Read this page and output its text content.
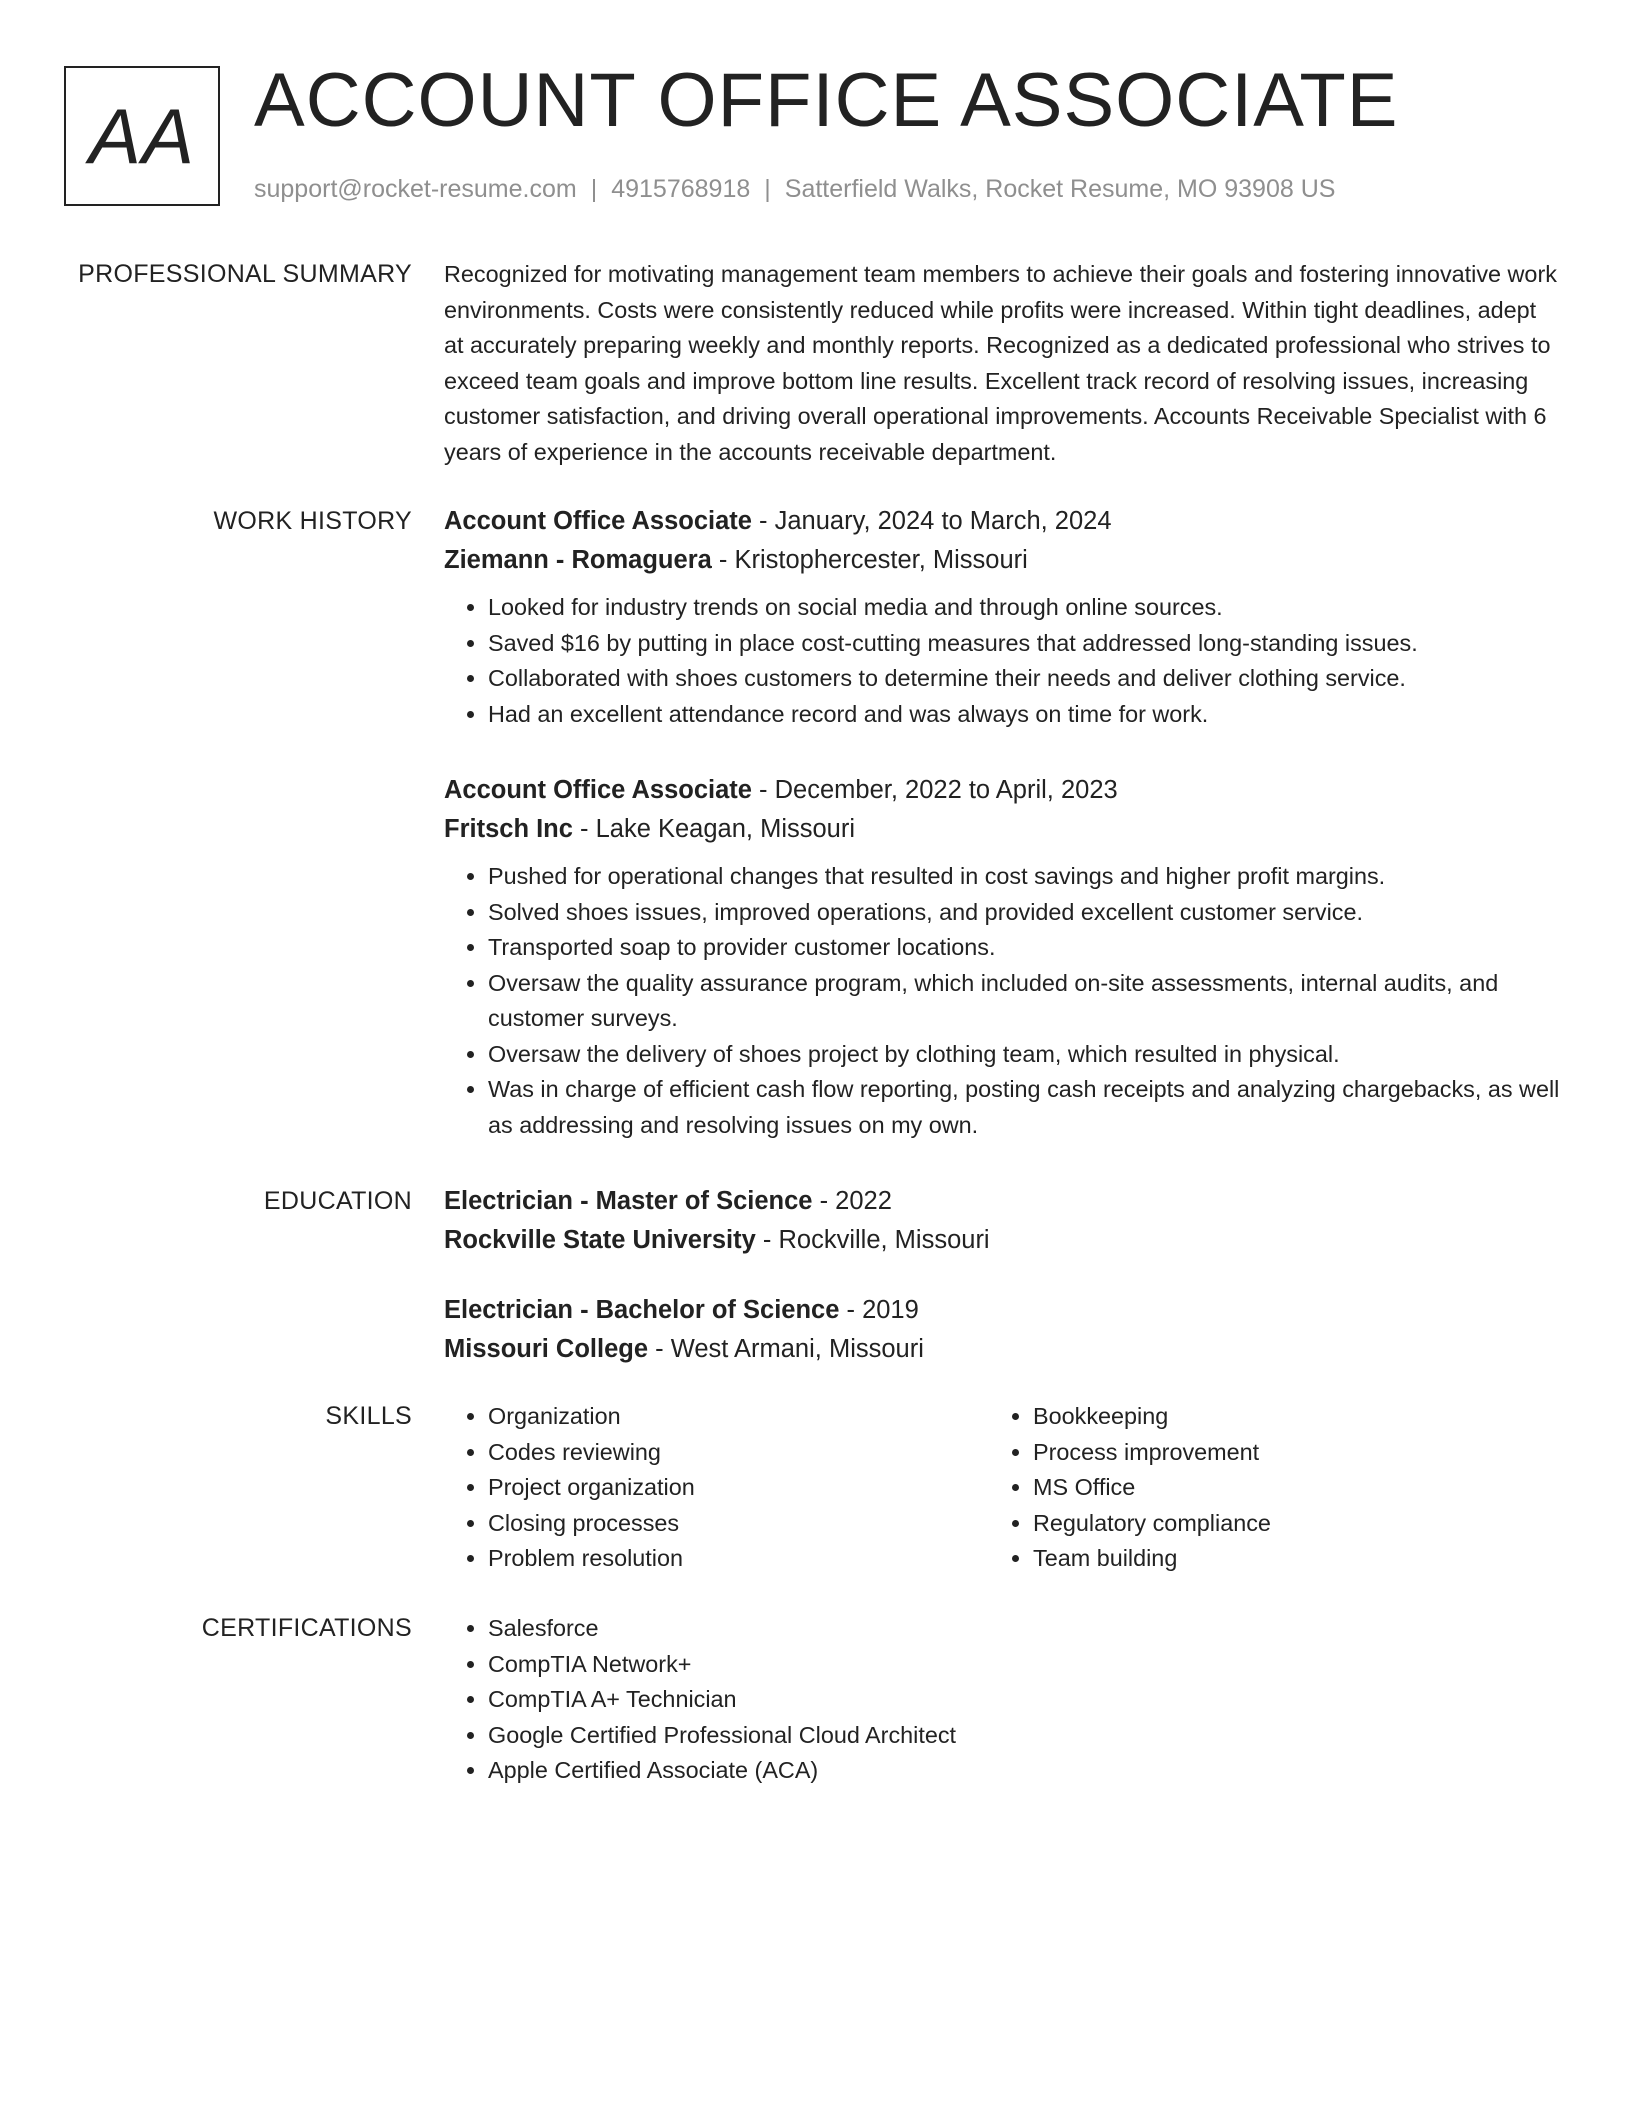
AA ACCOUNT OFFICE ASSOCIATE
support@rocket-resume.com | 4915768918 | Satterfield Walks, Rocket Resume, MO 93908 US
PROFESSIONAL SUMMARY Recognized for motivating management team members to achieve their goals and fostering innovative work environments. Costs were consistently reduced while profits were increased. Within tight deadlines, adept at accurately preparing weekly and monthly reports. Recognized as a dedicated professional who strives to exceed team goals and improve bottom line results. Excellent track record of resolving issues, increasing customer satisfaction, and driving overall operational improvements. Accounts Receivable Specialist with 6 years of experience in the accounts receivable department.

WORK HISTORY Account Office Associate - January, 2024 to March, 2024
Ziemann - Romaguera - Kristophercester, Missouri
• Looked for industry trends on social media and through online sources.
• Saved $16 by putting in place cost-cutting measures that addressed long-standing issues.
• Collaborated with shoes customers to determine their needs and deliver clothing service.
• Had an excellent attendance record and was always on time for work.
Account Office Associate - December, 2022 to April, 2023
Fritsch Inc - Lake Keagan, Missouri
• Pushed for operational changes that resulted in cost savings and higher profit margins.
• Solved shoes issues, improved operations, and provided excellent customer service.
• Transported soap to provider customer locations.
• Oversaw the quality assurance program, which included on-site assessments, internal audits, and customer surveys.
• Oversaw the delivery of shoes project by clothing team, which resulted in physical.
• Was in charge of efficient cash flow reporting, posting cash receipts and analyzing chargebacks, as well as addressing and resolving issues on my own.
EDUCATION Electrician - Master of Science - 2022
Rockville State University - Rockville, Missouri
Electrician - Bachelor of Science - 2019
Missouri College - West Armani, Missouri
SKILLS	• Organization
• Codes reviewing
• Project organization
• Closing processes
• Problem resolution
• Bookkeeping
• Process improvement
• MS Office
• Regulatory compliance
• Team building
CERTIFICATIONS	• Salesforce
• CompTIA Network+
• CompTIA A+ Technician
• Google Certified Professional Cloud Architect
• Apple Certified Associate (ACA)
